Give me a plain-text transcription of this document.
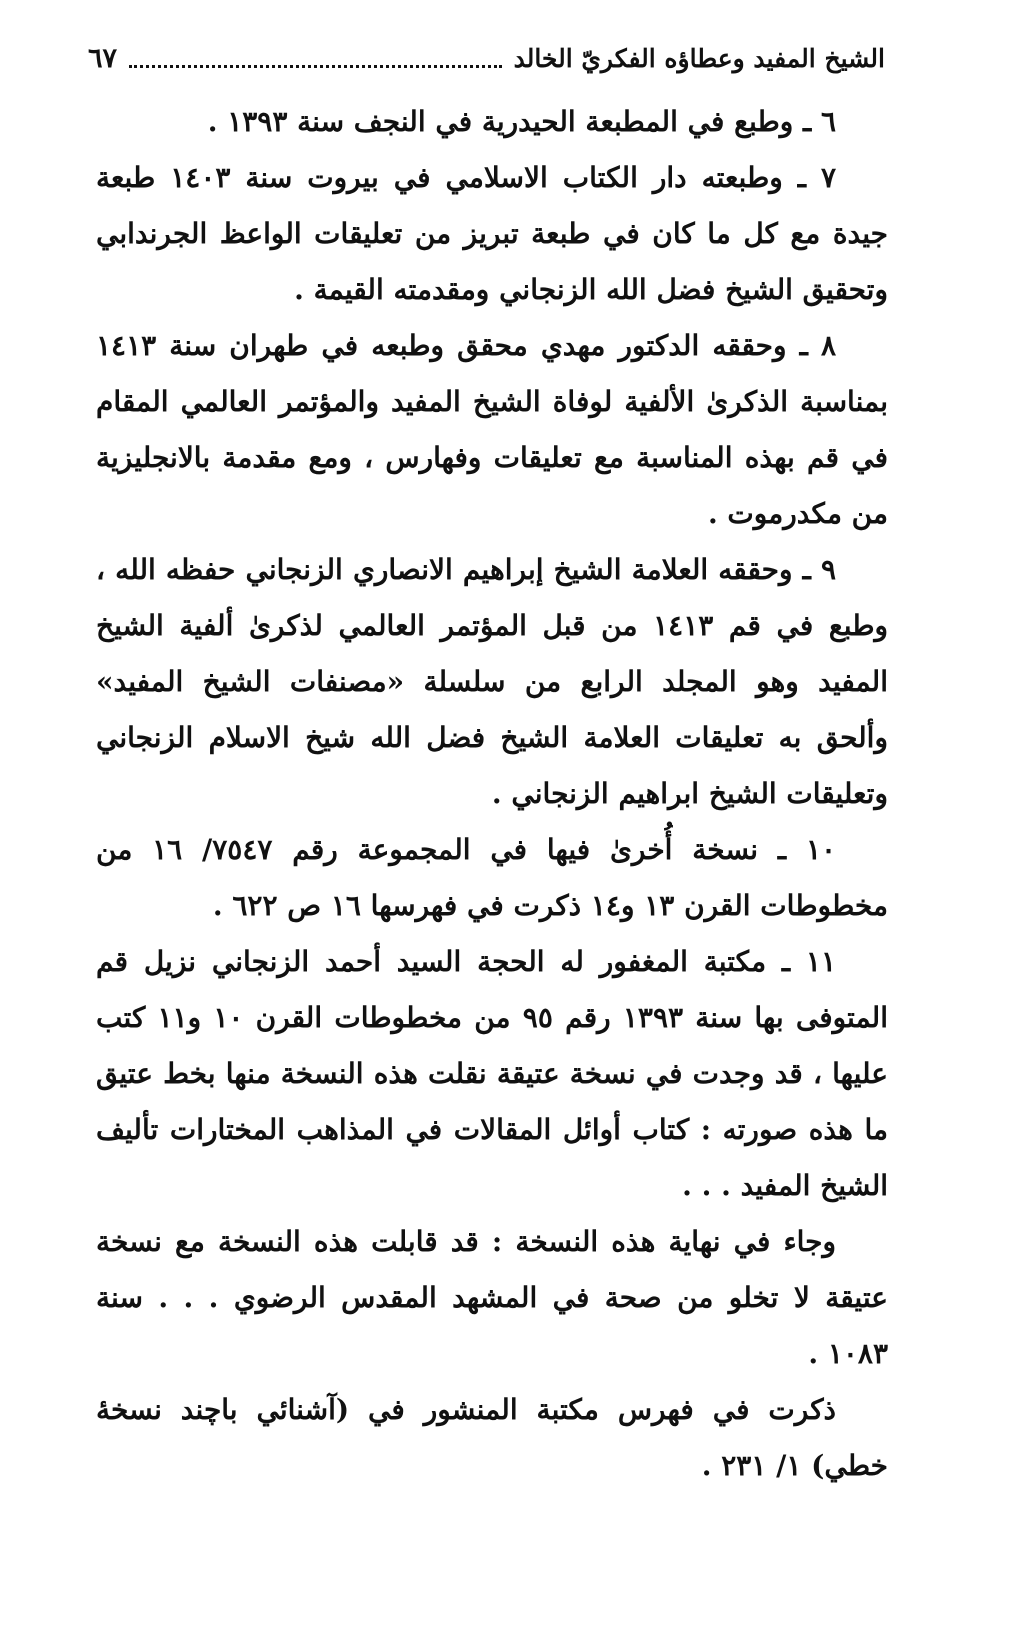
الشيخ المفيد وعطاؤه الفكريّ الخالد
٦٧

٦ ـ وطبع في المطبعة الحيدرية في النجف سنة ١٣٩٣ .

٧ ـ وطبعته دار الكتاب الاسلامي في بيروت سنة ١٤٠٣ طبعة جيدة مع كل ما كان في طبعة تبريز من تعليقات الواعظ الجرندابي وتحقيق الشيخ فضل الله الزنجاني ومقدمته القيمة .

٨ ـ وحققه الدكتور مهدي محقق وطبعه في طهران سنة ١٤١٣ بمناسبة الذكرىٰ الألفية لوفاة الشيخ المفيد والمؤتمر العالمي المقام في قم بهذه المناسبة مع تعليقات وفهارس ، ومع مقدمة بالانجليزية من مكدرموت .

٩ ـ وحققه العلامة الشيخ إبراهيم الانصاري الزنجاني حفظه الله ، وطبع في قم ١٤١٣ من قبل المؤتمر العالمي لذكرىٰ ألفية الشيخ المفيد وهو المجلد الرابع من سلسلة «مصنفات الشيخ المفيد» وألحق به تعليقات العلامة الشيخ فضل الله شيخ الاسلام الزنجاني وتعليقات الشيخ ابراهيم الزنجاني .

١٠ ـ نسخة أُخرىٰ فيها في المجموعة رقم ٧٥٤٧/ ١٦ من مخطوطات القرن ١٣ و١٤ ذكرت في فهرسها ١٦ ص ٦٢٢ .

١١ ـ مكتبة المغفور له الحجة السيد أحمد الزنجاني نزيل قم المتوفى بها سنة ١٣٩٣ رقم ٩٥ من مخطوطات القرن ١٠ و١١ كتب عليها ، قد وجدت في نسخة عتيقة نقلت هذه النسخة منها بخط عتيق ما هذه صورته : كتاب أوائل المقالات في المذاهب المختارات تأليف الشيخ المفيد . . .

وجاء في نهاية هذه النسخة : قد قابلت هذه النسخة مع نسخة عتيقة لا تخلو من صحة في المشهد المقدس الرضوي . . . سنة ١٠٨٣ .

ذكرت في فهرس مكتبة المنشور في (آشنائي باچند نسخهٔ خطي) ١/ ٢٣١ .
